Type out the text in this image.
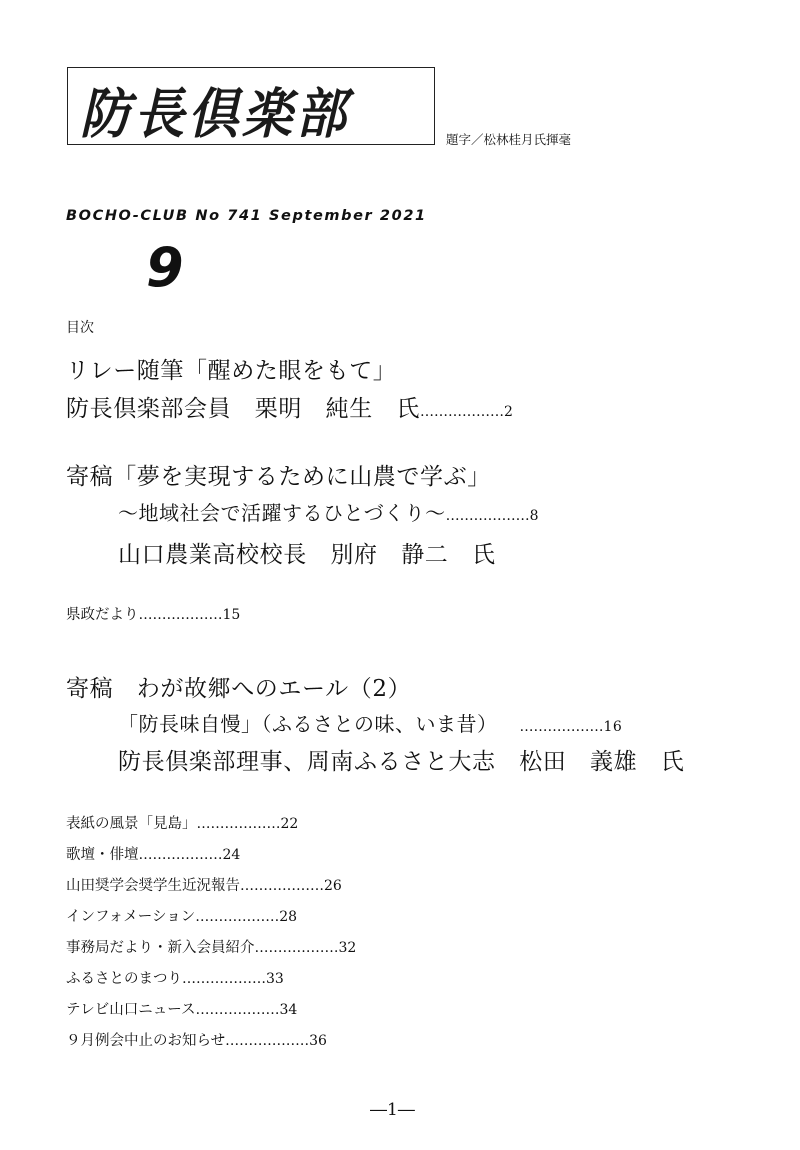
防長倶楽部	題字／松林桂月氏揮毫
BOCHO-CLUB No 741 September 2021
9
目次
リレー随筆「醒めた眼をもて」
防長倶楽部会員　栗明　純生　氏………………2
寄稿「夢を実現するために山農で学ぶ」
～地域社会で活躍するひとづくり～………………8
山口農業高校校長　別府　静二　氏
県政だより………………15
寄稿　わが故郷へのエール（2）
「防長味自慢」（ふるさとの味、いま昔） ………………16
防長倶楽部理事、周南ふるさと大志　松田　義雄　氏
表紙の風景「見島」………………22
歌壇・俳壇………………24
山田奨学会奨学生近況報告………………26
インフォメーション………………28
事務局だより・新入会員紹介………………32
ふるさとのまつり………………33
テレビ山口ニュース………………34
９月例会中止のお知らせ………………36
―1―
